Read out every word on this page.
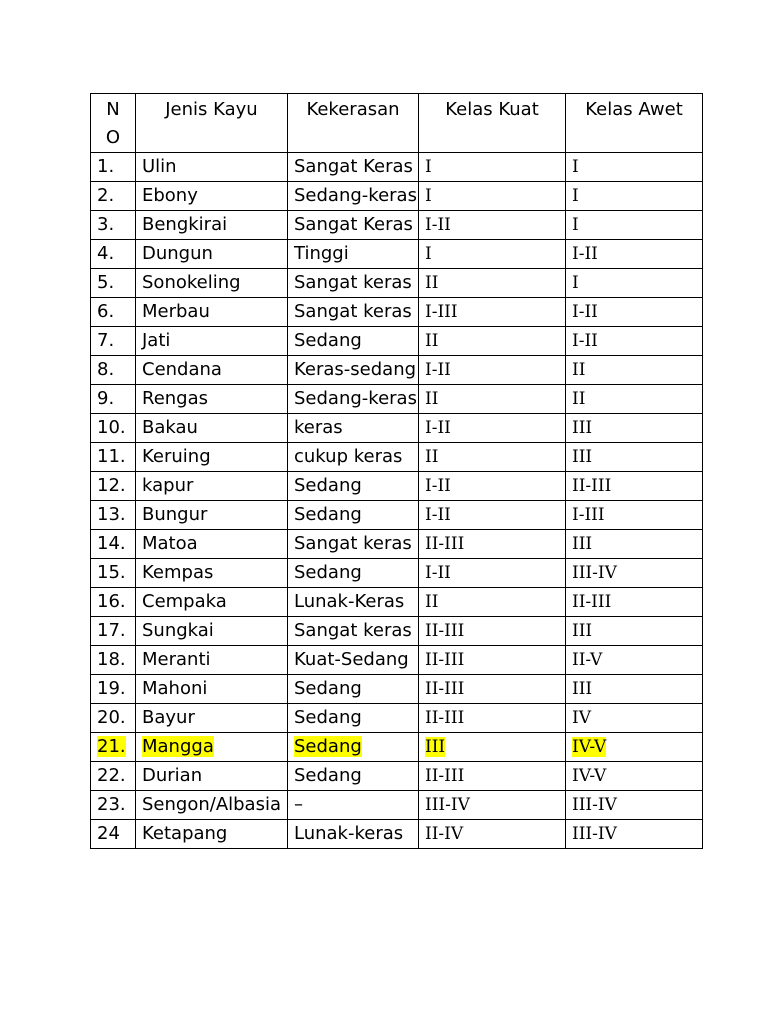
N O	Jenis Kayu	Kekerasan	Kelas Kuat	Kelas Awet
1.	Ulin	Sangat Keras	I	I
2.	Ebony	Sedang-keras	I	I
3.	Bengkirai	Sangat Keras	I-II	I
4.	Dungun	Tinggi	I	I-II
5.	Sonokeling	Sangat keras	II	I
6.	Merbau	Sangat keras	I-III	I-II
7.	Jati	Sedang	II	I-II
8.	Cendana	Keras-sedang	I-II	II
9.	Rengas	Sedang-keras	II	II
10.	Bakau	keras	I-II	III
11.	Keruing	cukup keras	II	III
12.	kapur	Sedang	I-II	II-III
13.	Bungur	Sedang	I-II	I-III
14.	Matoa	Sangat keras	II-III	III
15.	Kempas	Sedang	I-II	III-IV
16.	Cempaka	Lunak-Keras	II	II-III
17.	Sungkai	Sangat keras	II-III	III
18.	Meranti	Kuat-Sedang	II-III	II-V
19.	Mahoni	Sedang	II-III	III
20.	Bayur	Sedang	II-III	IV
21.	Mangga	Sedang	III	IV-V
22.	Durian	Sedang	II-III	IV-V
23.	Sengon/Albasia	–	III-IV	III-IV
24	Ketapang	Lunak-keras	II-IV	III-IV
